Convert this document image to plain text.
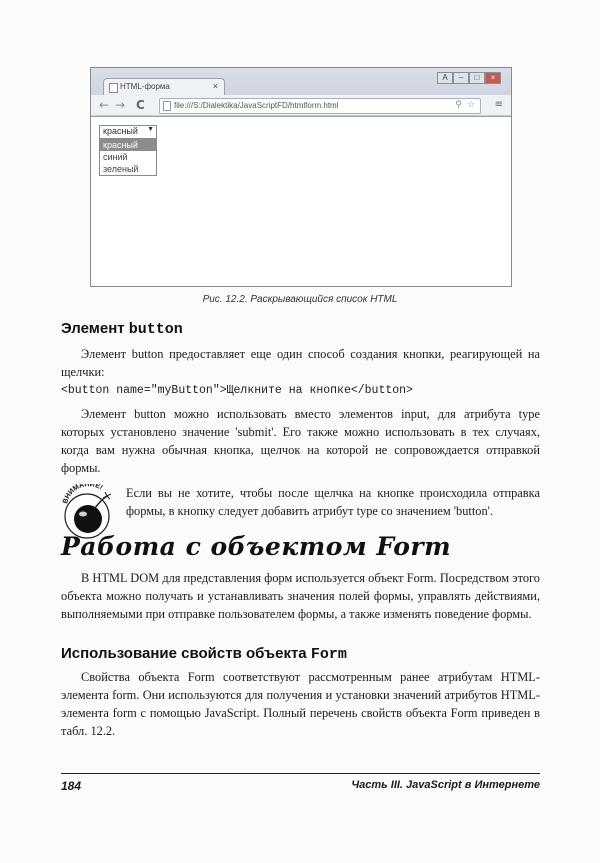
HTML-форма	×
A	–	□	×
← → C	file:///S:/Dialektika/JavaScriptFD/htmlform.html	⚲ ☆ ≡
красный ▼
красный
синий
зеленый
Рис. 12.2. Раскрывающийся список HTML
Элемент button

Элемент button предоставляет еще один способ создания кнопки, реагирующей на щелчки:

<button name="myButton">Щелкните на кнопке</button>

Элемент button можно использовать вместо элементов input, для атрибута type которых установлено значение 'submit'. Его также можно использовать в тех случаях, когда вам нужна обычная кнопка, щелчок на которой не сопровождается отправкой формы.

ВНИМАНИЕ! Если вы не хотите, чтобы после щелчка на кнопке происходила отправка формы, в кнопку следует добавить атрибут type со значением 'button'.

Работа с объектом Form

В HTML DOM для представления форм используется объект Form. Посредством этого объекта можно получать и устанавливать значения полей формы, управлять действиями, выполняемыми при отправке пользователем формы, а также изменять поведение формы.

Использование свойств объекта Form

Свойства объекта Form соответствуют рассмотренным ранее атрибутам HTML-элемента form. Они используются для получения и установки значений атрибутов HTML-элемента form с помощью JavaScript. Полный перечень свойств объекта Form приведен в табл. 12.2.

184	Часть III. JavaScript в Интернете
